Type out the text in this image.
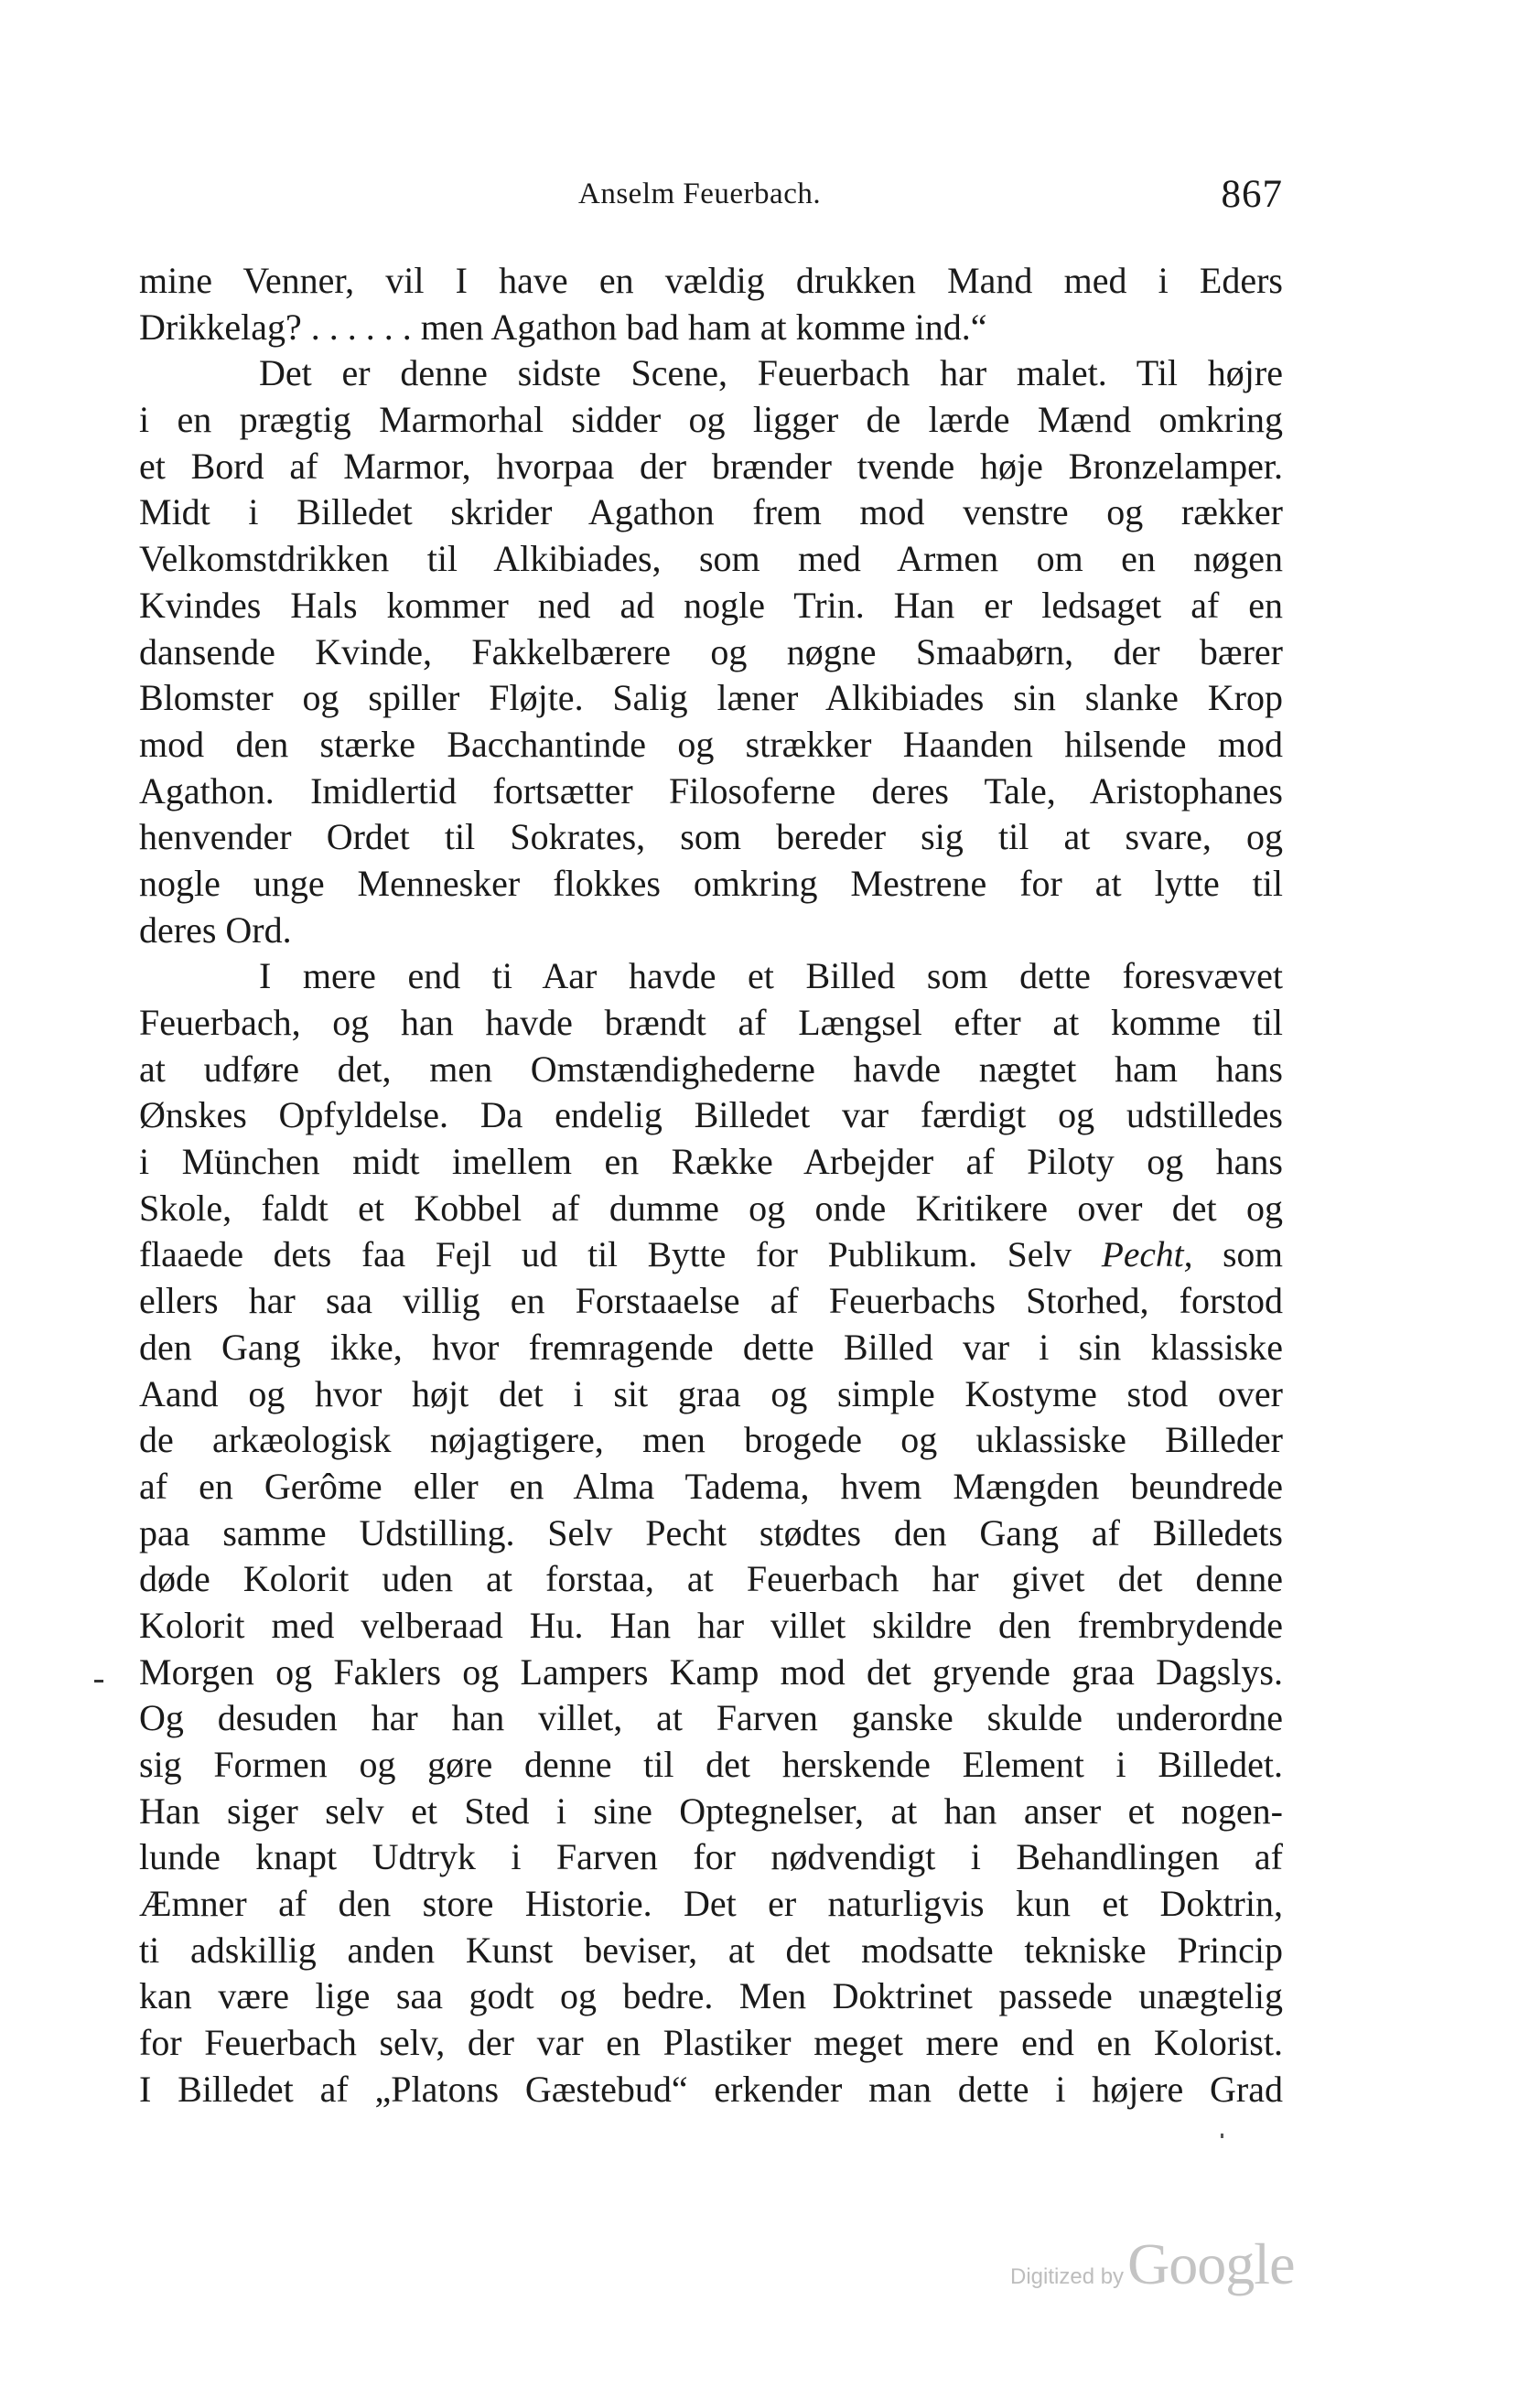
Anselm Feuerbach.	867
mine Venner, vil I have en vældig drukken Mand med i Eders
Drikkelag? . . . . . . men Agathon bad ham at komme ind.“
Det er denne sidste Scene, Feuerbach har malet. Til højre
i en prægtig Marmorhal sidder og ligger de lærde Mænd omkring
et Bord af Marmor, hvorpaa der brænder tvende høje Bronzelamper.
Midt i Billedet skrider Agathon frem mod venstre og rækker
Velkomstdrikken til Alkibiades, som med Armen om en nøgen
Kvindes Hals kommer ned ad nogle Trin. Han er ledsaget af en
dansende Kvinde, Fakkelbærere og nøgne Smaabørn, der bærer
Blomster og spiller Fløjte. Salig læner Alkibiades sin slanke Krop
mod den stærke Bacchantinde og strækker Haanden hilsende mod
Agathon. Imidlertid fortsætter Filosoferne deres Tale, Aristophanes
henvender Ordet til Sokrates, som bereder sig til at svare, og
nogle unge Mennesker flokkes omkring Mestrene for at lytte til
deres Ord.
I mere end ti Aar havde et Billed som dette foresvævet
Feuerbach, og han havde brændt af Længsel efter at komme til
at udføre det, men Omstændighederne havde nægtet ham hans
Ønskes Opfyldelse. Da endelig Billedet var færdigt og udstilledes
i München midt imellem en Række Arbejder af Piloty og hans
Skole, faldt et Kobbel af dumme og onde Kritikere over det og
flaaede dets faa Fejl ud til Bytte for Publikum. Selv Pecht, som
ellers har saa villig en Forstaaelse af Feuerbachs Storhed, forstod
den Gang ikke, hvor fremragende dette Billed var i sin klassiske
Aand og hvor højt det i sit graa og simple Kostyme stod over
de arkæologisk nøjagtigere, men brogede og uklassiske Billeder
af en Gerôme eller en Alma Tadema, hvem Mængden beundrede
paa samme Udstilling. Selv Pecht stødtes den Gang af Billedets
døde Kolorit uden at forstaa, at Feuerbach har givet det denne
Kolorit med velberaad Hu. Han har villet skildre den frembrydende
Morgen og Faklers og Lampers Kamp mod det gryende graa Dagslys.
Og desuden har han villet, at Farven ganske skulde underordne
sig Formen og gøre denne til det herskende Element i Billedet.
Han siger selv et Sted i sine Optegnelser, at han anser et nogen-
lunde knapt Udtryk i Farven for nødvendigt i Behandlingen af
Æmner af den store Historie. Det er naturligvis kun et Doktrin,
ti adskillig anden Kunst beviser, at det modsatte tekniske Princip
kan være lige saa godt og bedre. Men Doktrinet passede unægtelig
for Feuerbach selv, der var en Plastiker meget mere end en Kolorist.
I Billedet af „Platons Gæstebud“ erkender man dette i højere Grad
Digitized by Google
